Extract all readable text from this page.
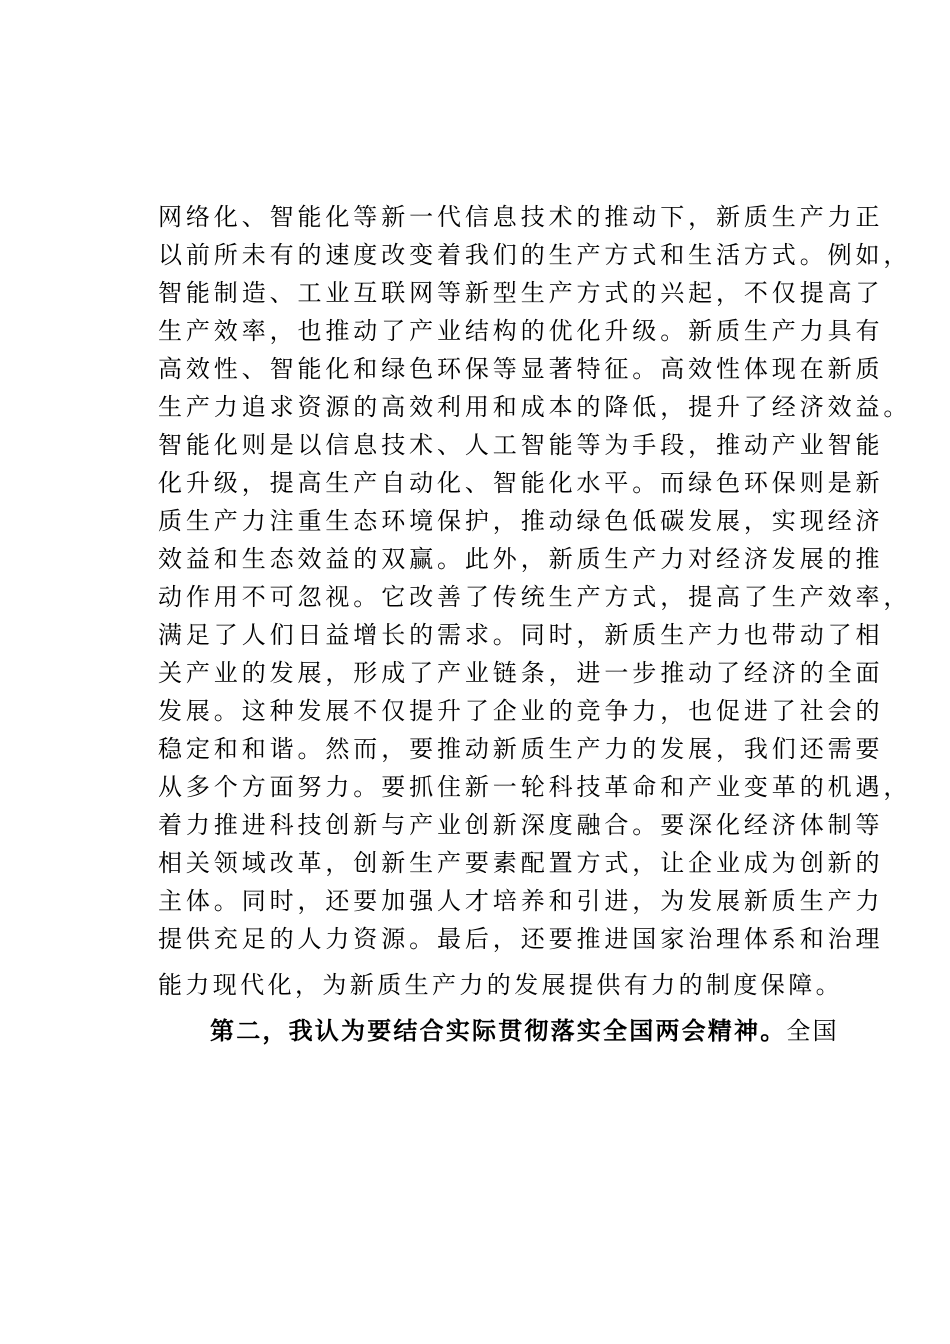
网络化、智能化等新一代信息技术的推动下，新质生产力正
以前所未有的速度改变着我们的生产方式和生活方式。例如，
智能制造、工业互联网等新型生产方式的兴起，不仅提高了
生产效率，也推动了产业结构的优化升级。新质生产力具有
高效性、智能化和绿色环保等显著特征。高效性体现在新质
生产力追求资源的高效利用和成本的降低，提升了经济效益。
智能化则是以信息技术、人工智能等为手段，推动产业智能
化升级，提高生产自动化、智能化水平。而绿色环保则是新
质生产力注重生态环境保护，推动绿色低碳发展，实现经济
效益和生态效益的双赢。此外，新质生产力对经济发展的推
动作用不可忽视。它改善了传统生产方式，提高了生产效率，
满足了人们日益增长的需求。同时，新质生产力也带动了相
关产业的发展，形成了产业链条，进一步推动了经济的全面
发展。这种发展不仅提升了企业的竞争力，也促进了社会的
稳定和和谐。然而，要推动新质生产力的发展，我们还需要
从多个方面努力。要抓住新一轮科技革命和产业变革的机遇，
着力推进科技创新与产业创新深度融合。要深化经济体制等
相关领域改革，创新生产要素配置方式，让企业成为创新的
主体。同时，还要加强人才培养和引进，为发展新质生产力
提供充足的人力资源。最后，还要推进国家治理体系和治理
能力现代化，为新质生产力的发展提供有力的制度保障。
第二，我认为要结合实际贯彻落实全国两会精神。全国
